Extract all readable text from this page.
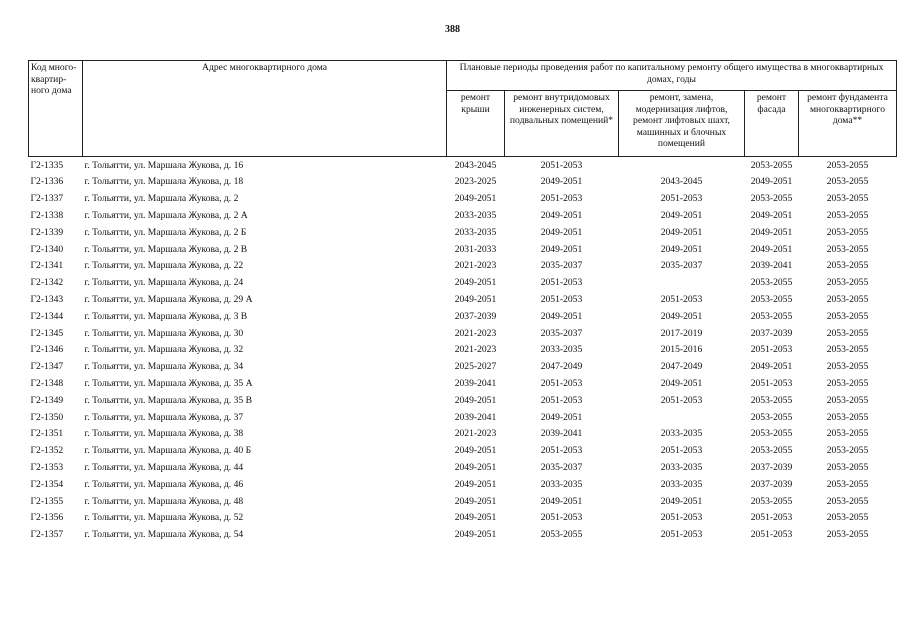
388
Код много-квартир-ного дома	Адрес многоквартирного дома	Плановые периоды проведения работ по капитальному ремонту общего имущества в многоквартирных домах, годы				
		ремонт крыши	ремонт внутридомовых инженерных систем, подвальных помещений*	ремонт, замена, модернизация лифтов, ремонт лифтовых шахт, машинных и блочных помещений	ремонт фасада	ремонт фундамента многоквартирного дома**
Г2-1335	г. Тольятти, ул. Маршала Жукова, д. 16	2043-2045	2051-2053		2053-2055	2053-2055
Г2-1336	г. Тольятти, ул. Маршала Жукова, д. 18	2023-2025	2049-2051	2043-2045	2049-2051	2053-2055
Г2-1337	г. Тольятти, ул. Маршала Жукова, д. 2	2049-2051	2051-2053	2051-2053	2053-2055	2053-2055
Г2-1338	г. Тольятти, ул. Маршала Жукова, д. 2 А	2033-2035	2049-2051	2049-2051	2049-2051	2053-2055
Г2-1339	г. Тольятти, ул. Маршала Жукова, д. 2 Б	2033-2035	2049-2051	2049-2051	2049-2051	2053-2055
Г2-1340	г. Тольятти, ул. Маршала Жукова, д. 2 В	2031-2033	2049-2051	2049-2051	2049-2051	2053-2055
Г2-1341	г. Тольятти, ул. Маршала Жукова, д. 22	2021-2023	2035-2037	2035-2037	2039-2041	2053-2055
Г2-1342	г. Тольятти, ул. Маршала Жукова, д. 24	2049-2051	2051-2053		2053-2055	2053-2055
Г2-1343	г. Тольятти, ул. Маршала Жукова, д. 29 А	2049-2051	2051-2053	2051-2053	2053-2055	2053-2055
Г2-1344	г. Тольятти, ул. Маршала Жукова, д. 3 В	2037-2039	2049-2051	2049-2051	2053-2055	2053-2055
Г2-1345	г. Тольятти, ул. Маршала Жукова, д. 30	2021-2023	2035-2037	2017-2019	2037-2039	2053-2055
Г2-1346	г. Тольятти, ул. Маршала Жукова, д. 32	2021-2023	2033-2035	2015-2016	2051-2053	2053-2055
Г2-1347	г. Тольятти, ул. Маршала Жукова, д. 34	2025-2027	2047-2049	2047-2049	2049-2051	2053-2055
Г2-1348	г. Тольятти, ул. Маршала Жукова, д. 35 А	2039-2041	2051-2053	2049-2051	2051-2053	2053-2055
Г2-1349	г. Тольятти, ул. Маршала Жукова, д. 35 В	2049-2051	2051-2053	2051-2053	2053-2055	2053-2055
Г2-1350	г. Тольятти, ул. Маршала Жукова, д. 37	2039-2041	2049-2051		2053-2055	2053-2055
Г2-1351	г. Тольятти, ул. Маршала Жукова, д. 38	2021-2023	2039-2041	2033-2035	2053-2055	2053-2055
Г2-1352	г. Тольятти, ул. Маршала Жукова, д. 40 Б	2049-2051	2051-2053	2051-2053	2053-2055	2053-2055
Г2-1353	г. Тольятти, ул. Маршала Жукова, д. 44	2049-2051	2035-2037	2033-2035	2037-2039	2053-2055
Г2-1354	г. Тольятти, ул. Маршала Жукова, д. 46	2049-2051	2033-2035	2033-2035	2037-2039	2053-2055
Г2-1355	г. Тольятти, ул. Маршала Жукова, д. 48	2049-2051	2049-2051	2049-2051	2053-2055	2053-2055
Г2-1356	г. Тольятти, ул. Маршала Жукова, д. 52	2049-2051	2051-2053	2051-2053	2051-2053	2053-2055
Г2-1357	г. Тольятти, ул. Маршала Жукова, д. 54	2049-2051	2053-2055	2051-2053	2051-2053	2053-2055
